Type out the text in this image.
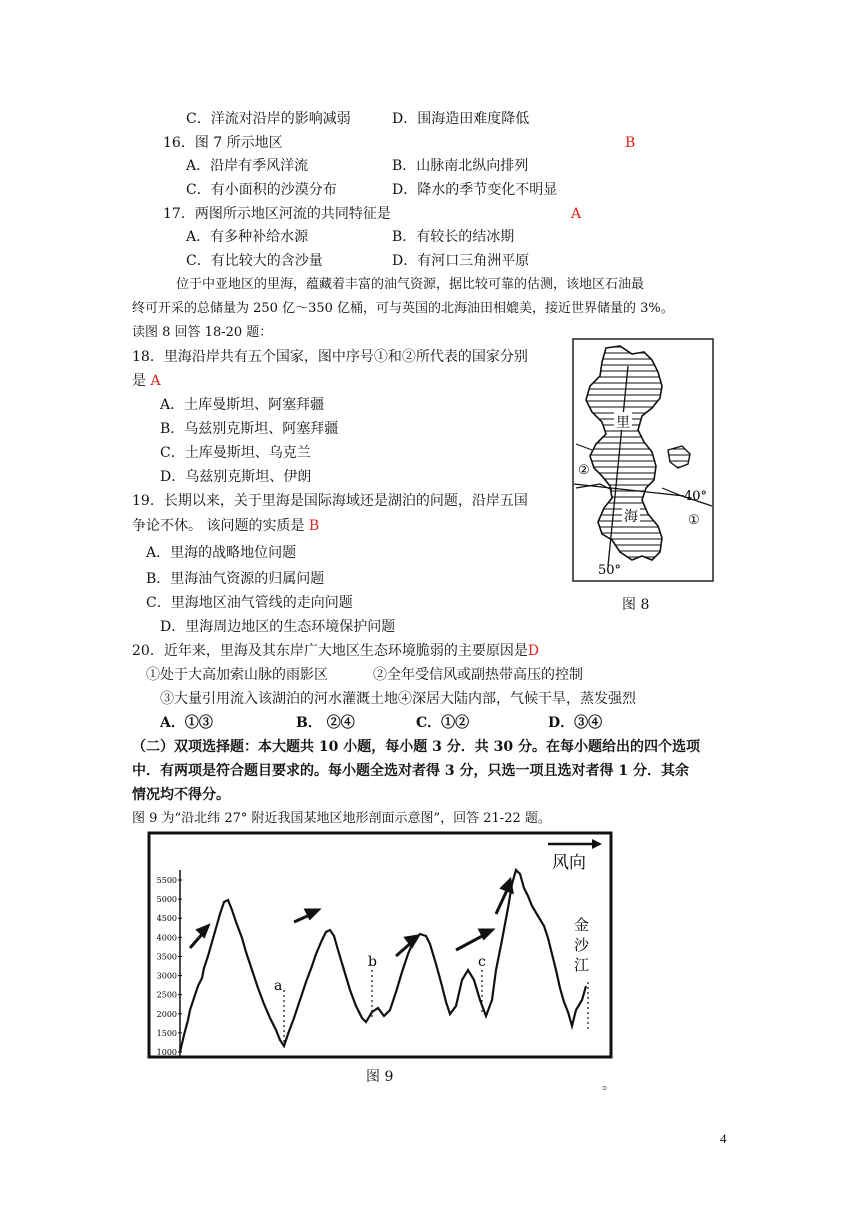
C．洋流对沿岸的影响减弱	D．围海造田难度降低
16．图 7 所示地区	B
A．沿岸有季风洋流	B．山脉南北纵向排列
C．有小面积的沙漠分布	D．降水的季节变化不明显
17．两图所示地区河流的共同特征是	A
A．有多种补给水源	B．有较长的结冰期
C．有比较大的含沙量	D．有河口三角洲平原
位于中亚地区的里海，蕴藏着丰富的油气资源，据比较可靠的估测，该地区石油最
终可开采的总储量为 250 亿～350 亿桶，可与英国的北海油田相媲美，接近世界储量的 3%。
读图 8 回答 18-20 题：
18．里海沿岸共有五个国家，图中序号①和②所代表的国家分别
是 A
A．土库曼斯坦、阿塞拜疆
B．乌兹别克斯坦、阿塞拜疆
C．土库曼斯坦、乌克兰
D．乌兹别克斯坦、伊朗
19．长期以来，关于里海是国际海域还是湖泊的问题，沿岸五国
争论不休。 该问题的实质是 B
A．里海的战略地位问题
B．里海油气资源的归属问题
C．里海地区油气管线的走向问题
D．里海周边地区的生态环境保护问题
20．近年来，里海及其东岸广大地区生态环境脆弱的主要原因是D
①处于大高加索山脉的雨影区	②全年受信风或副热带高压的控制
③大量引用流入该湖泊的河水灌溉土地④深居大陆内部，气候干旱，蒸发强烈
A．①③	B． ②④	C．①②	D．③④
（二）双项选择题：本大题共 10 小题，每小题 3 分．共 30 分。在每小题给出的四个选项
中．有两项是符合题目要求的。每小题全选对者得 3 分，只选一项且选对者得 1 分．其余
情况均不得分。
图 9 为“沿北纬 27° 附近我国某地区地形剖面示意图”，回答 21-22 题。
里
海
40°
50°
①
②
图 8
5500
5000
4500
4000
3500
3000
2500
2000
1500
1000
a
b	c
风向
金
沙
江
图 9	。
4
